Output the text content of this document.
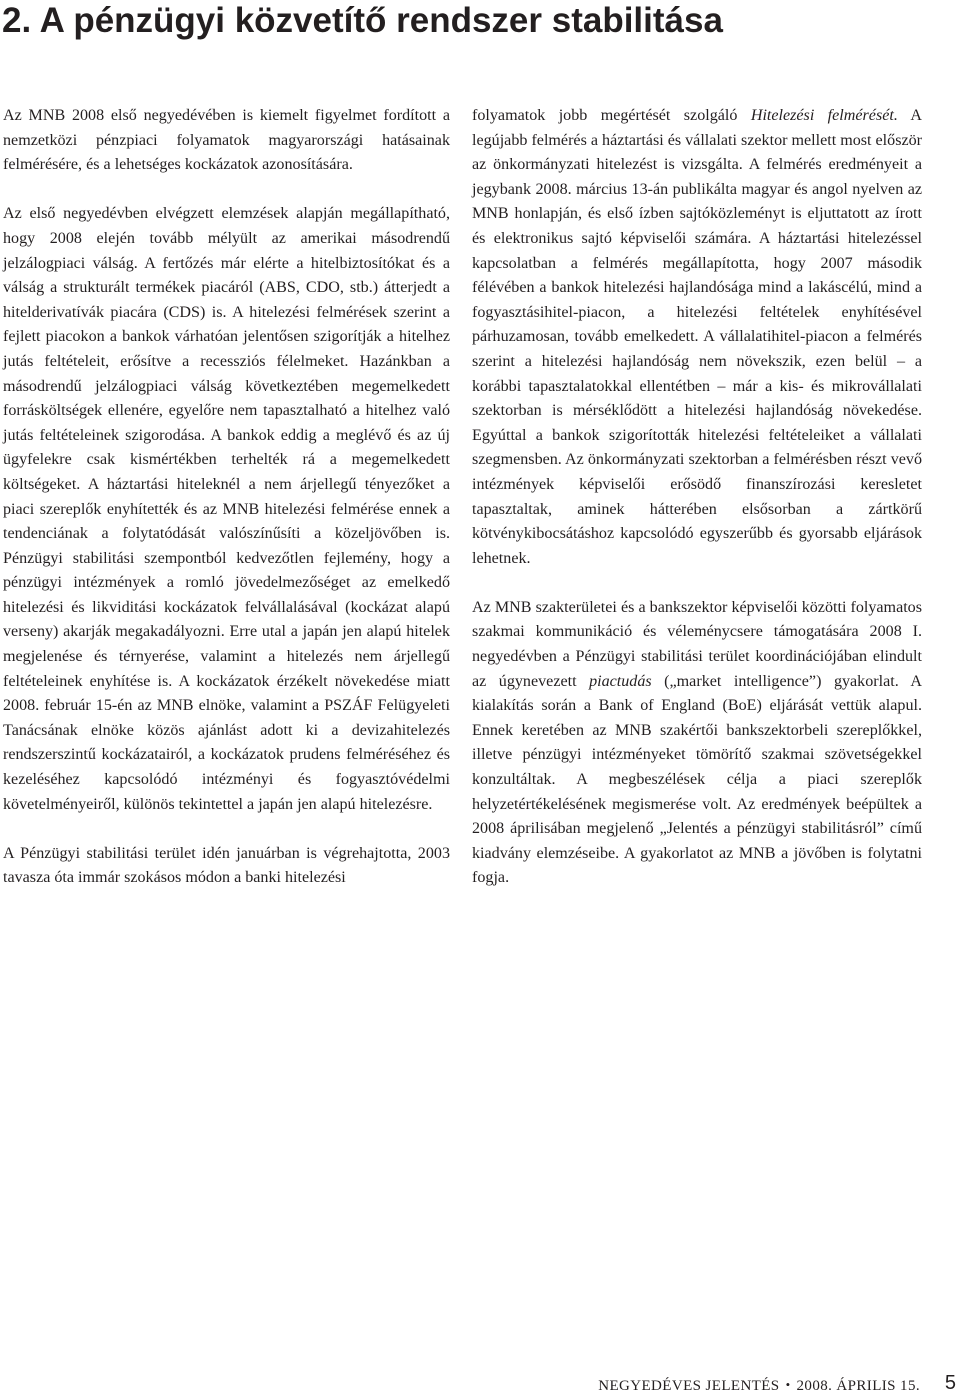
2. A pénzügyi közvetítő rendszer stabilitása

Az MNB 2008 első negyedévében is kiemelt figyelmet fordított a nemzetközi pénzpiaci folyamatok magyarországi hatásainak felmérésére, és a lehetséges kockázatok azonosítására.

Az első negyedévben elvégzett elemzések alapján megállapítható, hogy 2008 elején tovább mélyült az amerikai másodrendű jelzálogpiaci válság. A fertőzés már elérte a hitelbiztosítókat és a válság a strukturált termékek piacáról (ABS, CDO, stb.) átterjedt a hitelderivatívák piacára (CDS) is. A hitelezési felmérések szerint a fejlett piacokon a bankok várhatóan jelentősen szigorítják a hitelhez jutás feltételeit, erősítve a recessziós félelmeket. Hazánkban a másodrendű jelzálogpiaci válság következtében megemelkedett forrásköltségek ellenére, egyelőre nem tapasztalható a hitelhez való jutás feltételeinek szigorodása. A bankok eddig a meglévő és az új ügyfelekre csak kismértékben terhelték rá a megemelkedett költségeket. A háztartási hiteleknél a nem árjellegű tényezőket a piaci szereplők enyhítették és az MNB hitelezési felmérése ennek a tendenciának a folytatódását valószínűsíti a közeljövőben is. Pénzügyi stabilitási szempontból kedvezőtlen fejlemény, hogy a pénzügyi intézmények a romló jövedelmezőséget az emelkedő hitelezési és likviditási kockázatok felvállalásával (kockázat alapú verseny) akarják megakadályozni. Erre utal a japán jen alapú hitelek megjelenése és térnyerése, valamint a hitelezés nem árjellegű feltételeinek enyhítése is. A kockázatok érzékelt növekedése miatt 2008. február 15-én az MNB elnöke, valamint a PSZÁF Felügyeleti Tanácsának elnöke közös ajánlást adott ki a devizahitelezés rendszerszintű kockázatairól, a kockázatok prudens felméréséhez és kezeléséhez kapcsolódó intézményi és fogyasztóvédelmi követelményeiről, különös tekintettel a japán jen alapú hitelezésre.

A Pénzügyi stabilitási terület idén januárban is végrehajtotta, 2003 tavasza óta immár szokásos módon a banki hitelezési

folyamatok jobb megértését szolgáló Hitelezési felmérését. A legújabb felmérés a háztartási és vállalati szektor mellett most először az önkormányzati hitelezést is vizsgálta. A felmérés eredményeit a jegybank 2008. március 13-án publikálta magyar és angol nyelven az MNB honlapján, és első ízben sajtóközleményt is eljuttatott az írott és elektronikus sajtó képviselői számára. A háztartási hitelezéssel kapcsolatban a felmérés megállapította, hogy 2007 második félévében a bankok hitelezési hajlandósága mind a lakáscélú, mind a fogyasztásihitel-piacon, a hitelezési feltételek enyhítésével párhuzamosan, tovább emelkedett. A vállalatihitel-piacon a felmérés szerint a hitelezési hajlandóság nem növekszik, ezen belül – a korábbi tapasztalatokkal ellentétben – már a kis- és mikrovállalati szektorban is mérséklődött a hitelezési hajlandóság növekedése. Egyúttal a bankok szigorították hitelezési feltételeiket a vállalati szegmensben. Az önkormányzati szektorban a felmérésben részt vevő intézmények képviselői erősödő finanszírozási keresletet tapasztaltak, aminek hátterében elsősorban a zártkörű kötvénykibocsátáshoz kapcsolódó egyszerűbb és gyorsabb eljárások lehetnek.

Az MNB szakterületei és a bankszektor képviselői közötti folyamatos szakmai kommunikáció és véleménycsere támogatására 2008 I. negyedévben a Pénzügyi stabilitási terület koordinációjában elindult az úgynevezett piactudás („market intelligence”) gyakorlat. A kialakítás során a Bank of England (BoE) eljárását vettük alapul. Ennek keretében az MNB szakértői bankszektorbeli szereplőkkel, illetve pénzügyi intézményeket tömörítő szakmai szövetségekkel konzultáltak. A megbeszélések célja a piaci szereplők helyzetértékelésének megismerése volt. Az eredmények beépültek a 2008 áprilisában megjelenő „Jelentés a pénzügyi stabilitásról” című kiadvány elemzéseibe. A gyakorlatot az MNB a jövőben is folytatni fogja.

NEGYEDÉVES JELENTÉS • 2008. ÁPRILIS 15. 5
